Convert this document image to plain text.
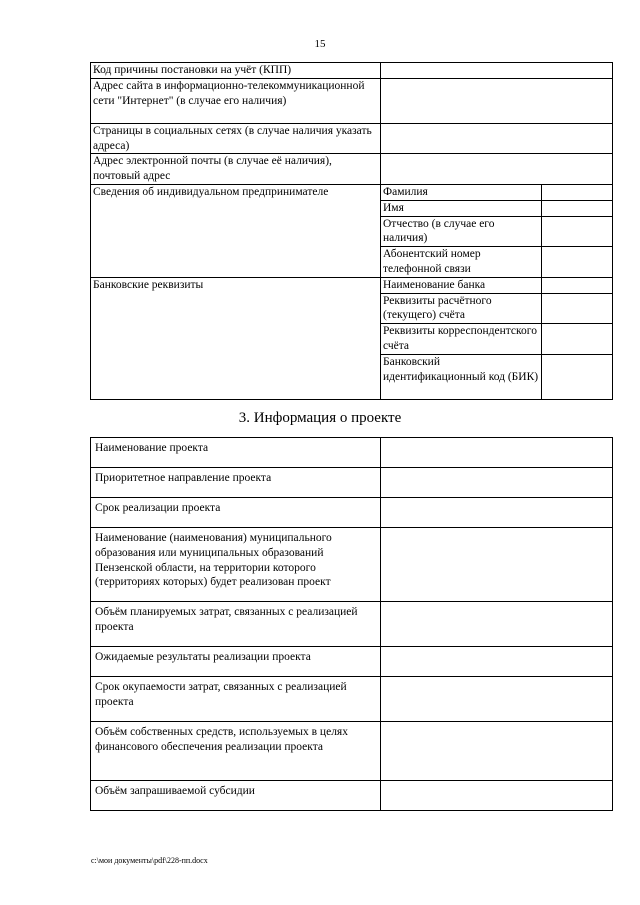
15
Код причины постановки на учёт (КПП)		
Адрес сайта в информационно-телекоммуникационной сети "Интернет" (в случае его наличия)		
Страницы в социальных сетях (в случае наличия указать адреса)		
Адрес электронной почты (в случае её наличия), почтовый адрес		
Сведения об индивидуальном предпринимателе	Фамилия	
	Имя	
	Отчество (в случае его наличия)	
	Абонентский номер телефонной связи	
Банковские реквизиты	Наименование банка	
	Реквизиты расчётного (текущего) счёта	
	Реквизиты корреспондентского счёта	
	Банковский идентификационный код (БИК)	
3. Информация о проекте
Наименование проекта	
Приоритетное направление проекта	
Срок реализации проекта	
Наименование (наименования) муниципального образования или муниципальных образований Пензенской области, на территории которого (территориях которых) будет реализован проект	
Объём планируемых затрат, связанных с реализацией проекта	
Ожидаемые результаты реализации проекта	
Срок окупаемости затрат, связанных с реализацией проекта	
Объём собственных средств, используемых в целях финансового обеспечения реализации проекта	
Объём запрашиваемой субсидии	
c:\мои документы\pdf\228-пп.docx
